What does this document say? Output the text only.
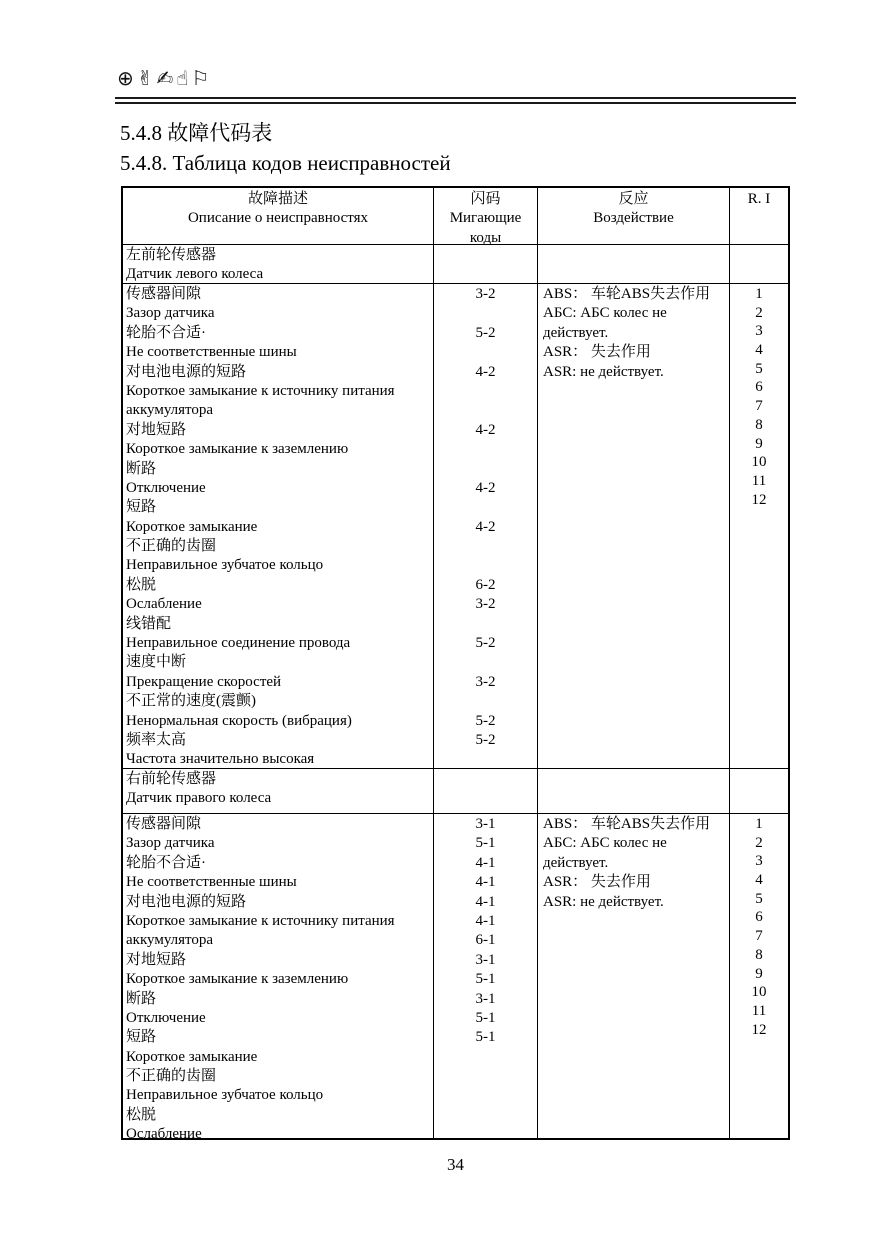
⊕✌✍☝⚐
5.4.8 故障代码表
5.4.8. Таблица кодов неисправностей
故障描述
Описание о неисправностях
闪码
Мигающие
коды
反应
Воздействие
R. I
左前轮传感器
Датчик левого колеса
传感器间隙
Зазор датчика
轮胎不合适·
Не соответственные шины
对电池电源的短路
Короткое замыкание к источнику питания
аккумулятора
对地短路
Короткое замыкание к заземлению
断路
Отключение
短路
Короткое замыкание
不正确的齿圈
Неправильное зубчатое кольцо
松脱
Ослабление
线错配
Неправильное соединение провода
速度中断
Прекращение скоростей
不正常的速度(震颤)
Ненормальная скорость (вибрация)
频率太高
Частота значительно высокая
3-2

5-2

4-2

4-2

4-2

4-2

6-2
3-2

5-2

3-2

5-2
5-2

ABS： 车轮ABS失去作用
АБС: АБС колес не
действует.
ASR： 失去作用
ASR: не действует.
1
2
3
4
5
6
7
8
9
10
11
12
右前轮传感器
Датчик правого колеса
传感器间隙
Зазор датчика
轮胎不合适·
Не соответственные шины
对电池电源的短路
Короткое замыкание к источнику питания
аккумулятора
对地短路
Короткое замыкание к заземлению
断路
Отключение
短路
Короткое замыкание
不正确的齿圈
Неправильное зубчатое кольцо
松脱
Ослабление
3-1
5-1
4-1
4-1
4-1
4-1
6-1
3-1
5-1
3-1
5-1
5-1

ABS： 车轮ABS失去作用
АБС: АБС колес не
действует.
ASR： 失去作用
ASR: не действует.
1
2
3
4
5
6
7
8
9
10
11
12
34
